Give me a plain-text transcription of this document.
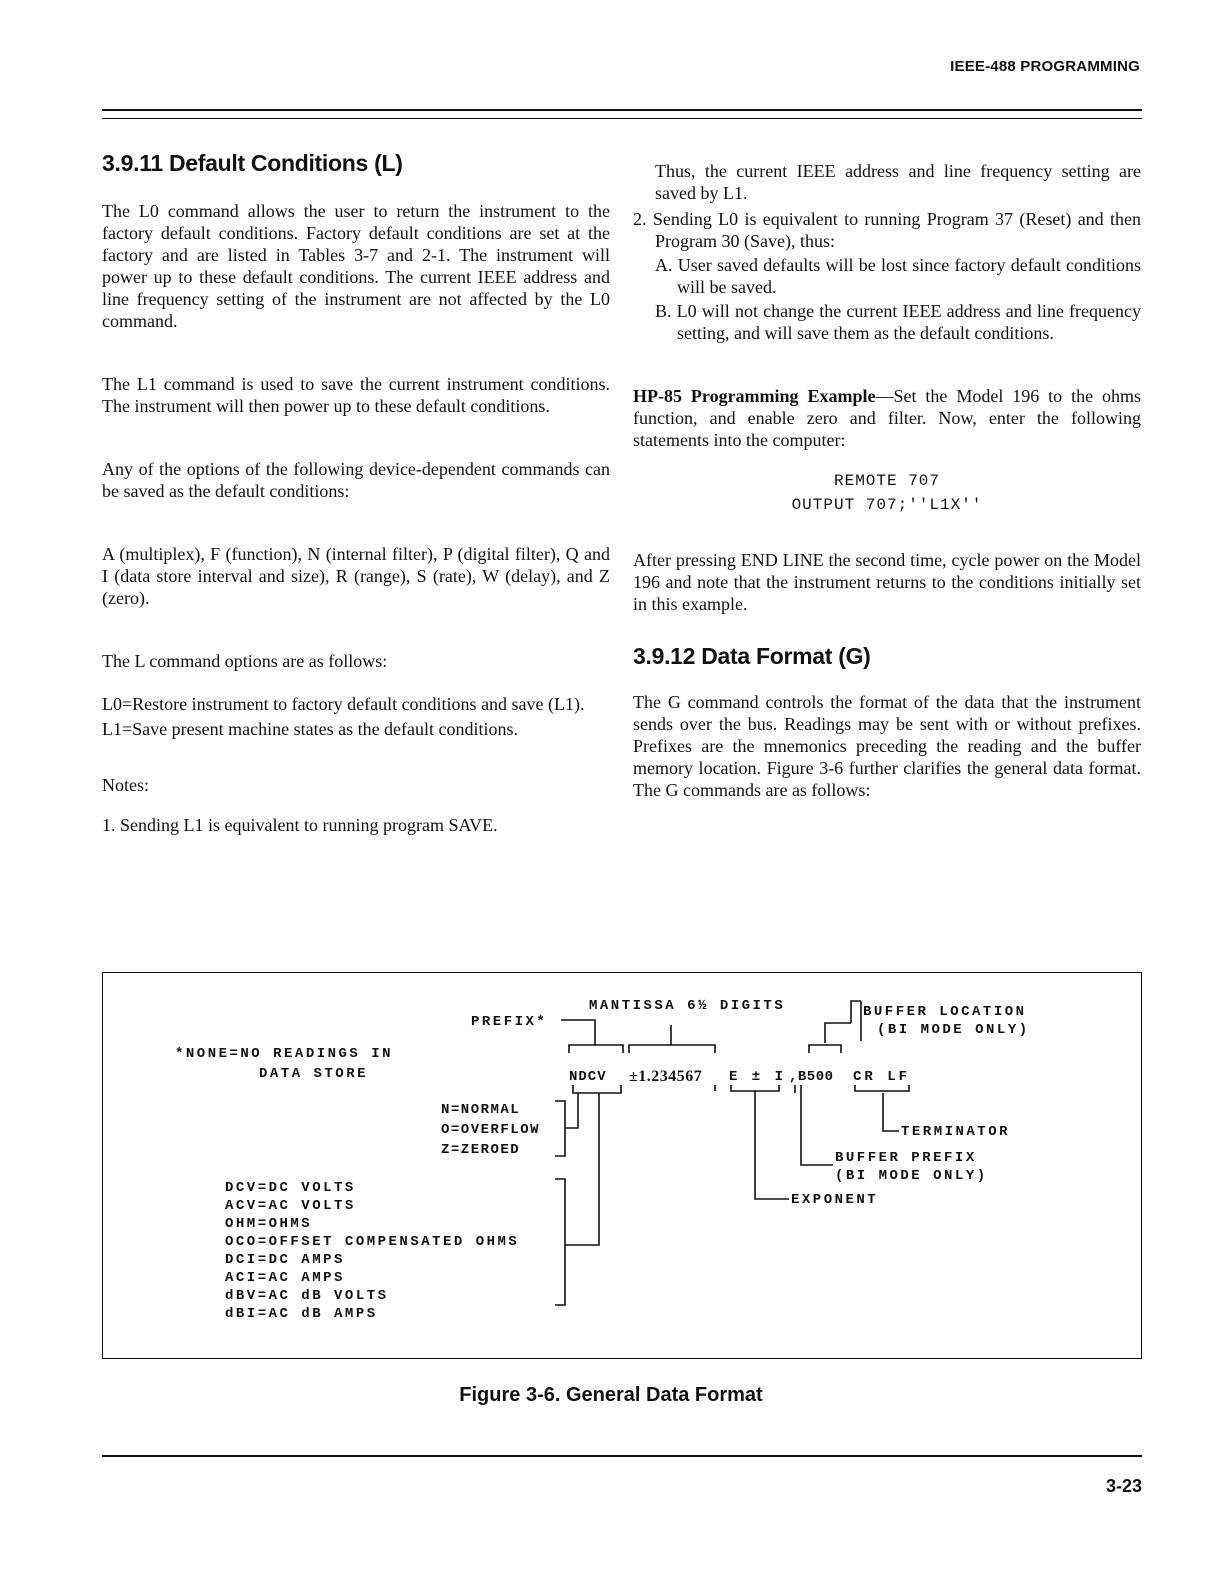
IEEE-488 PROGRAMMING
3.9.11 Default Conditions (L)

The L0 command allows the user to return the instrument to the factory default conditions. Factory default conditions are set at the factory and are listed in Tables 3-7 and 2-1. The instrument will power up to these default conditions. The current IEEE address and line frequency setting of the instrument are not affected by the L0 command.

The L1 command is used to save the current instrument conditions. The instrument will then power up to these default conditions.

Any of the options of the following device-dependent commands can be saved as the default conditions:

A (multiplex), F (function), N (internal filter), P (digital filter), Q and I (data store interval and size), R (range), S (rate), W (delay), and Z (zero).

The L command options are as follows:

L0=Restore instrument to factory default conditions and save (L1).

L1=Save present machine states as the default conditions.

Notes:

1. Sending L1 is equivalent to running program SAVE.

Thus, the current IEEE address and line frequency setting are saved by L1.

2. Sending L0 is equivalent to running Program 37 (Reset) and then Program 30 (Save), thus:

A. User saved defaults will be lost since factory default conditions will be saved.

B. L0 will not change the current IEEE address and line frequency setting, and will save them as the default conditions.

HP-85 Programming Example—Set the Model 196 to the ohms function, and enable zero and filter. Now, enter the following statements into the computer:

REMOTE 707
OUTPUT 707;''L1X''

After pressing END LINE the second time, cycle power on the Model 196 and note that the instrument returns to the conditions initially set in this example.

3.9.12 Data Format (G)

The G command controls the format of the data that the instrument sends over the bus. Readings may be sent with or without prefixes. Prefixes are the mnemonics preceding the reading and the buffer memory location. Figure 3-6 further clarifies the general data format. The G commands are as follows:

MANTISSA 6½ DIGITS
PREFIX*
BUFFER LOCATION
(BI MODE ONLY)
*NONE=NO READINGS IN
DATA STORE	NDCV ±1.234567 E ± I ,B500 CR LF
N=NORMAL
O=OVERFLOW
Z=ZEROED
TERMINATOR
BUFFER PREFIX
(BI MODE ONLY)
EXPONENT
DCV=DC VOLTS
ACV=AC VOLTS
OHM=OHMS
OCO=OFFSET COMPENSATED OHMS
DCI=DC AMPS
ACI=AC AMPS
dBV=AC dB VOLTS
dBI=AC dB AMPS
Figure 3-6. General Data Format
3-23
